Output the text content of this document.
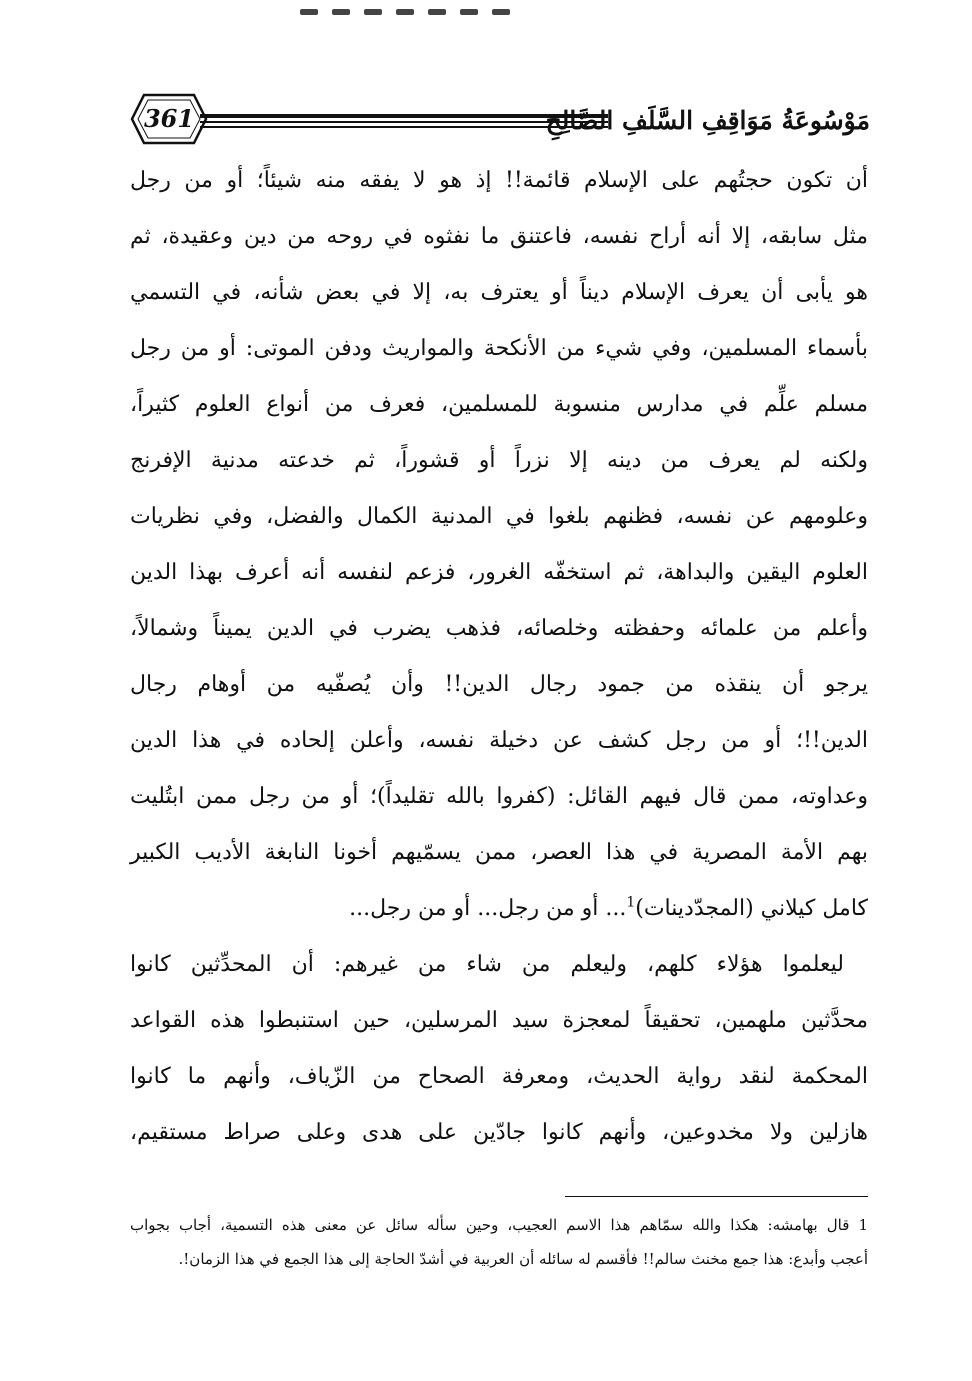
361	مَوْسُوعَةُ مَوَاقِفِ السَّلَفِ الصَّالِحِ
أن تكون حجتُهم على الإسلام قائمة!! إذ هو لا يفقه منه شيئاً؛ أو من رجل
مثل سابقه، إلا أنه أراح نفسه، فاعتنق ما نفثوه في روحه من دين وعقيدة، ثم
هو يأبى أن يعرف الإسلام ديناً أو يعترف به، إلا في بعض شأنه، في التسمي
بأسماء المسلمين، وفي شيء من الأنكحة والمواريث ودفن الموتى: أو من رجل
مسلم علِّم في مدارس منسوبة للمسلمين، فعرف من أنواع العلوم كثيراً،
ولكنه لم يعرف من دينه إلا نزراً أو قشوراً، ثم خدعته مدنية الإفرنج
وعلومهم عن نفسه، فظنهم بلغوا في المدنية الكمال والفضل، وفي نظريات
العلوم اليقين والبداهة، ثم استخفّه الغرور، فزعم لنفسه أنه أعرف بهذا الدين
وأعلم من علمائه وحفظته وخلصائه، فذهب يضرب في الدين يميناً وشمالاً،
يرجو أن ينقذه من جمود رجال الدين!! وأن يُصفّيه من أوهام رجال
الدين!!؛ أو من رجل كشف عن دخيلة نفسه، وأعلن إلحاده في هذا الدين
وعداوته، ممن قال فيهم القائل: (كفروا بالله تقليداً)؛ أو من رجل ممن ابتُليت
بهم الأمة المصرية في هذا العصر، ممن يسمّيهم أخونا النابغة الأديب الكبير
كامل كيلاني (المجدّدينات)$^1$... أو من رجل... أو من رجل...
ليعلموا هؤلاء كلهم، وليعلم من شاء من غيرهم: أن المحدِّثين كانوا
محدَّثين ملهمين، تحقيقاً لمعجزة سيد المرسلين، حين استنبطوا هذه القواعد
المحكمة لنقد رواية الحديث، ومعرفة الصحاح من الزّياف، وأنهم ما كانوا
هازلين ولا مخدوعين، وأنهم كانوا جادّين على هدى وعلى صراط مستقيم،
1 قال بهامشه: هكذا والله سمّاهم هذا الاسم العجيب، وحين سأله سائل عن معنى هذه التسمية، أجاب بجواب
أعجب وأبدع: هذا جمع مخنث سالم!! فأقسم له سائله أن العربية في أشدّ الحاجة إلى هذا الجمع في هذا الزمان!.
